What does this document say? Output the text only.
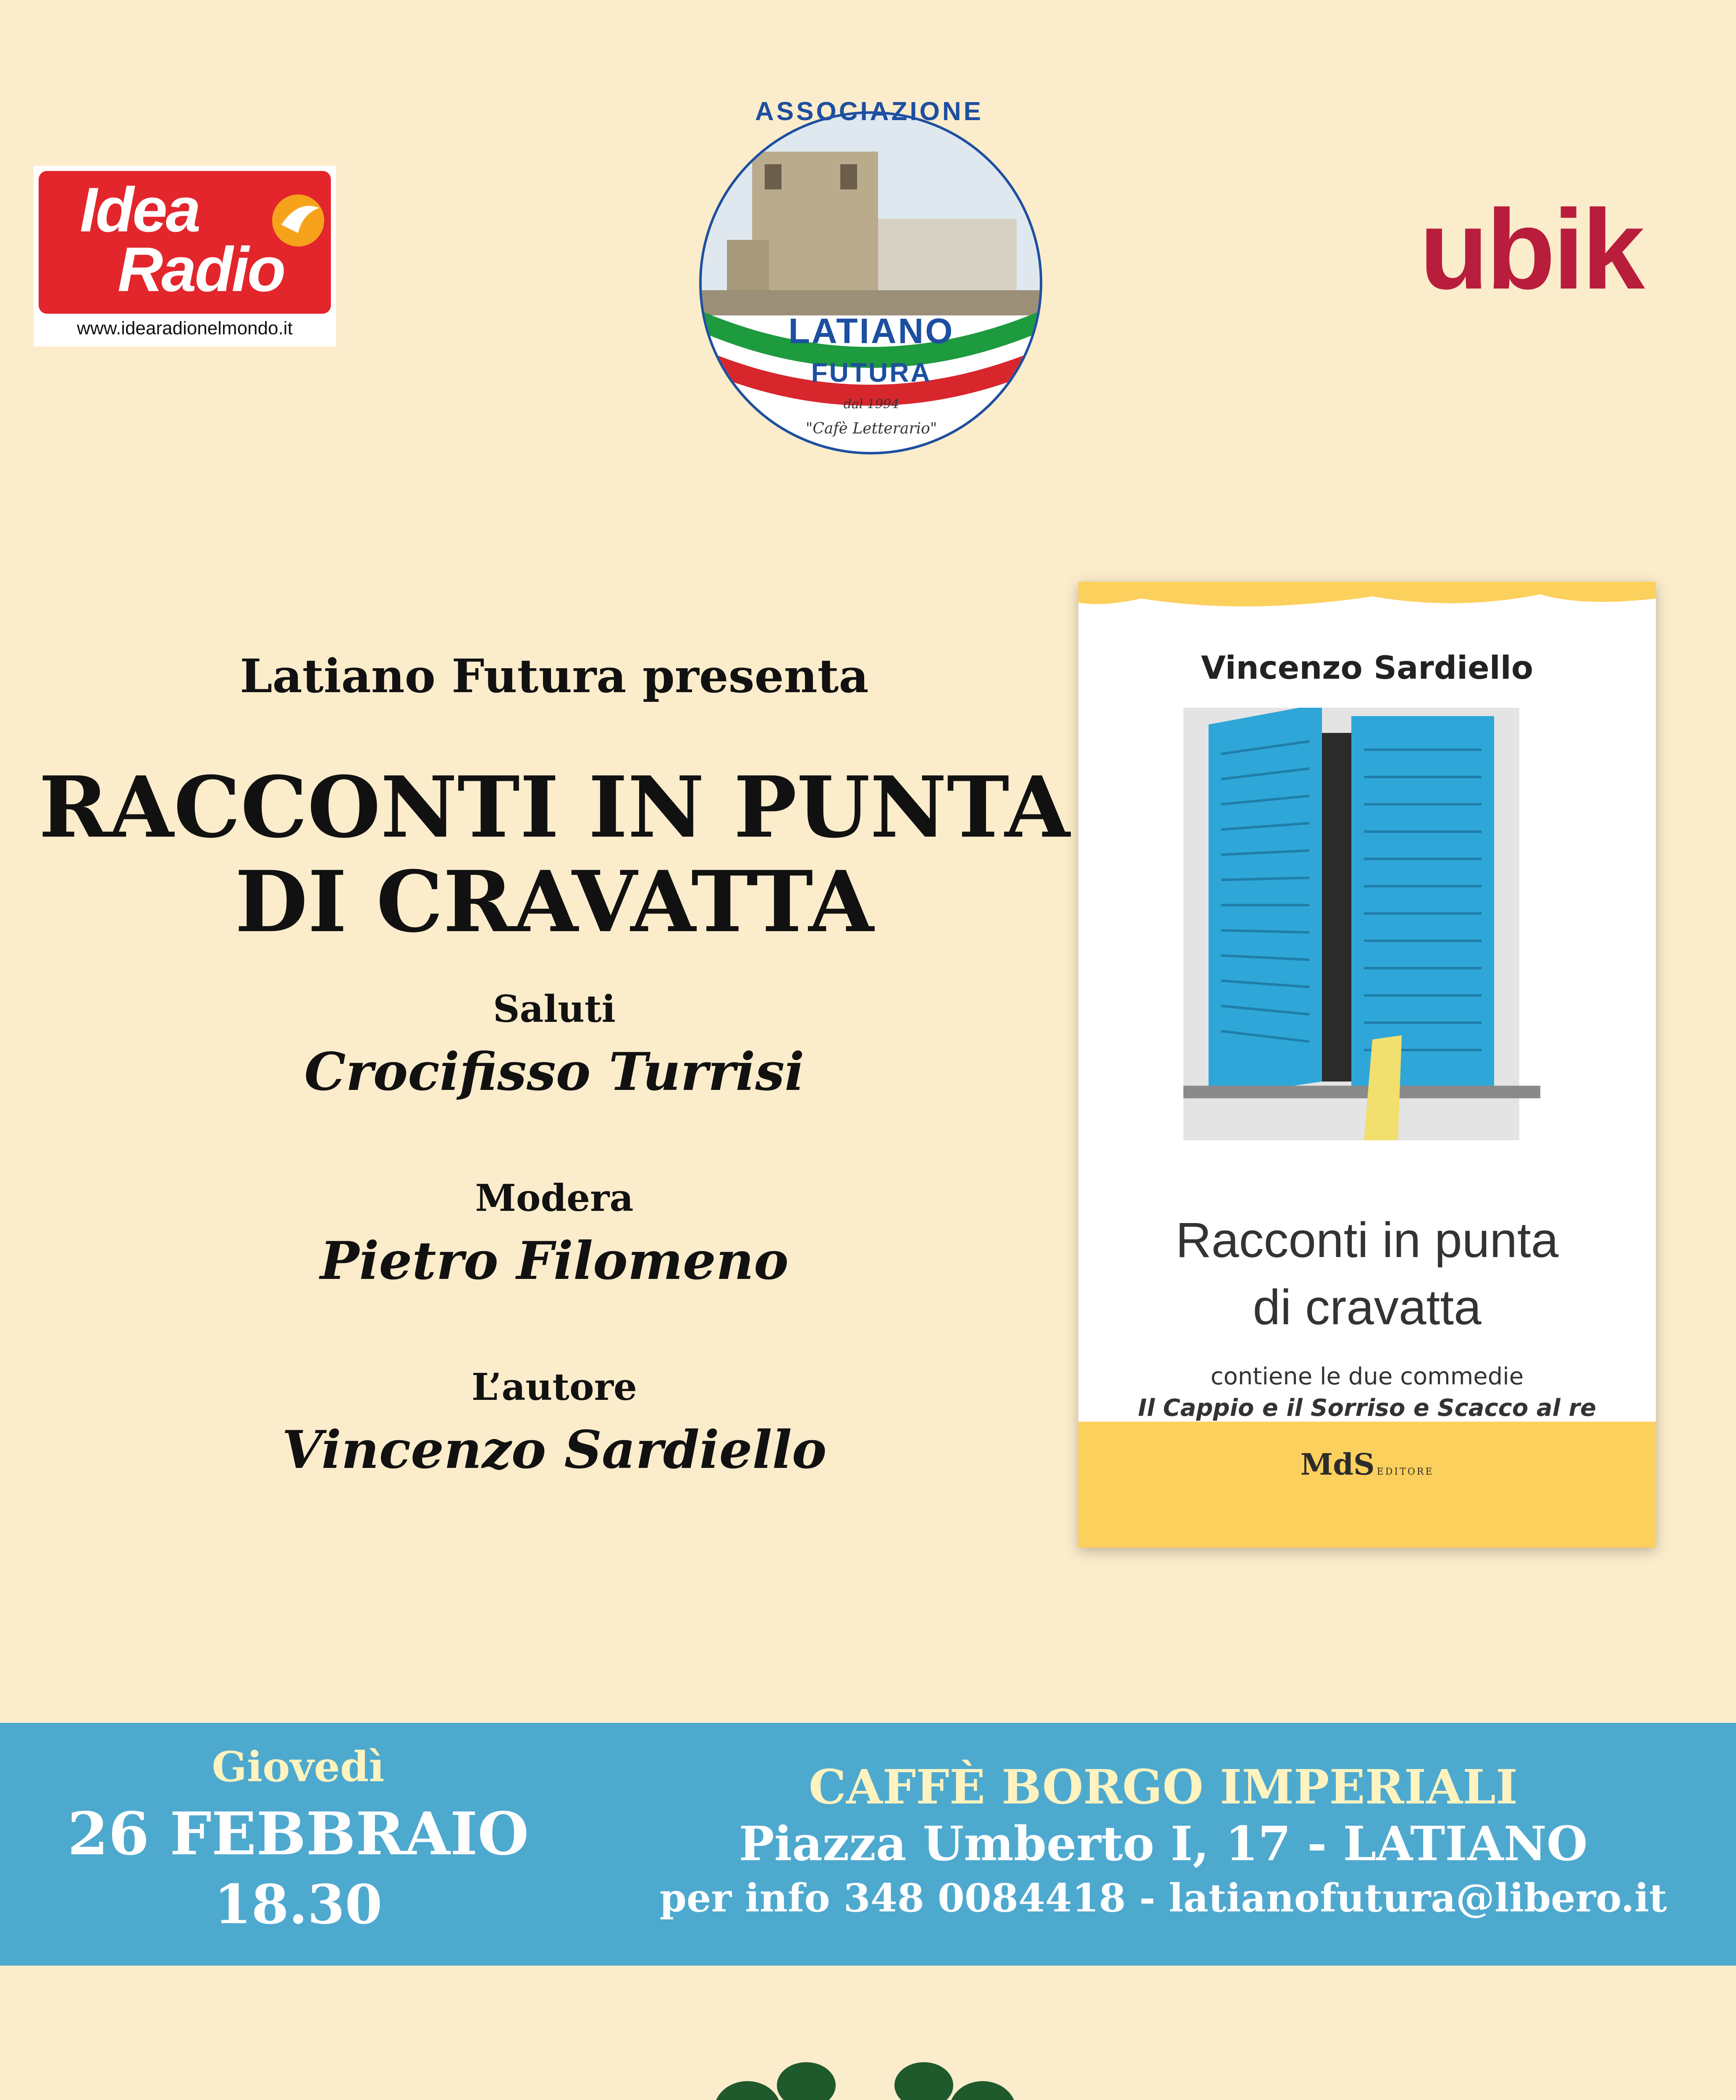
Idea
Radio
www.idearadionelmondo.it
ASSOCIAZIONE
LATIANO
FUTURA
dal 1994
"Cafè Letterario"
ubik
Latiano Futura presenta
RACCONTI IN PUNTA
DI CRAVATTA
Saluti
Crocifisso Turrisi
Modera
Pietro Filomeno
L’autore
Vincenzo Sardiello
Vincenzo Sardiello
Racconti in punta
di cravatta
contiene le due commedie
Il Cappio e il Sorriso e Scacco al re
MdS EDITORE
Giovedì
26 FEBBRAIO
18.30
CAFFÈ BORGO IMPERIALI
Piazza Umberto I, 17 - LATIANO
per info 348 0084418 - latianofutura@libero.it
